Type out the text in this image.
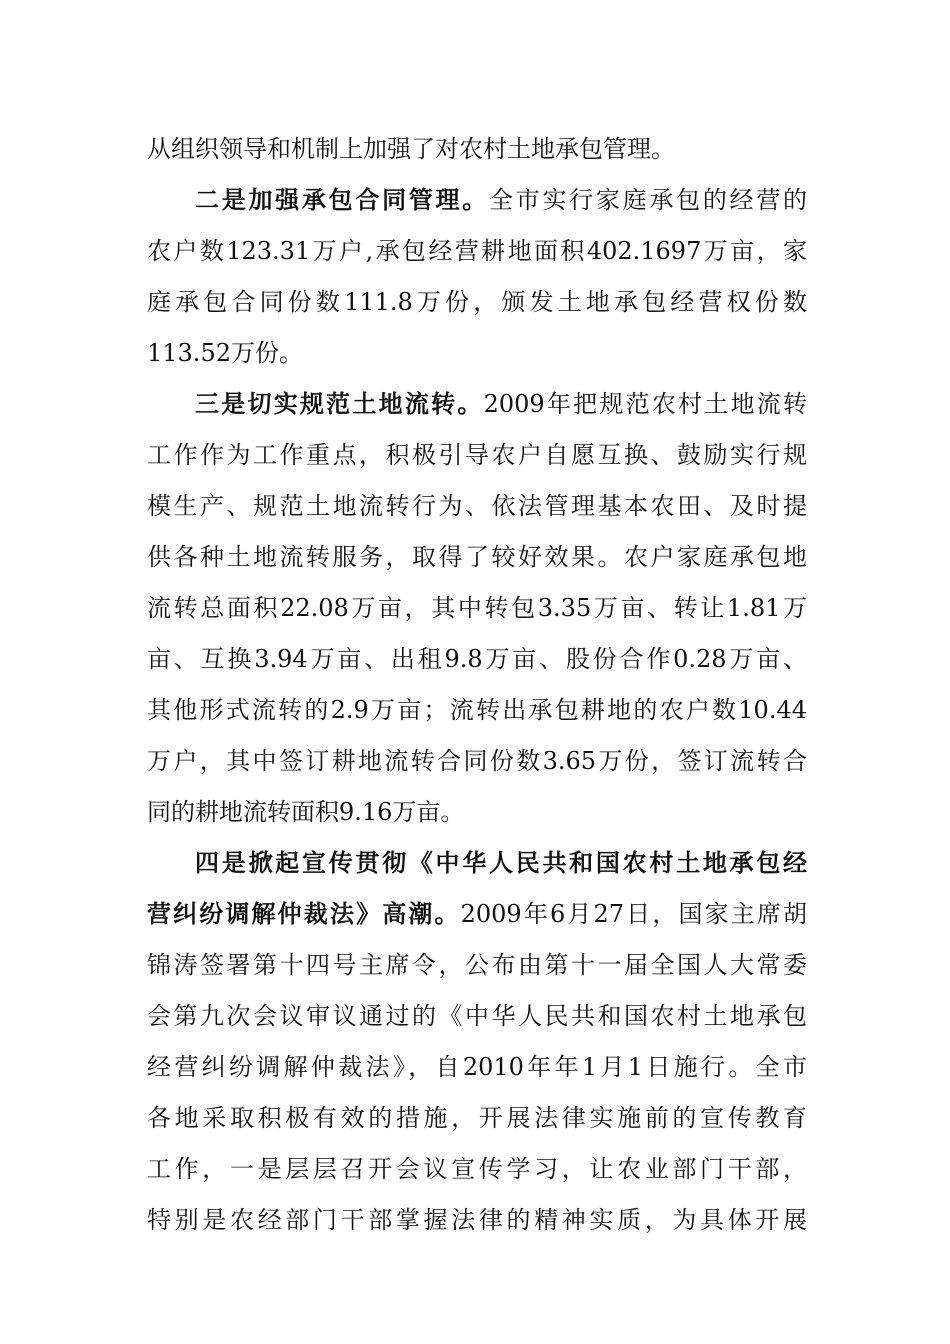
从组织领导和机制上加强了对农村土地承包管理。
二是加强承包合同管理。全市实行家庭承包的经营的
农户数123.31万户,承包经营耕地面积402.1697万亩，家
庭承包合同份数111.8万份，颁发土地承包经营权份数
113.52万份。
三是切实规范土地流转。2009年把规范农村土地流转
工作作为工作重点，积极引导农户自愿互换、鼓励实行规
模生产、规范土地流转行为、依法管理基本农田、及时提
供各种土地流转服务，取得了较好效果。农户家庭承包地
流转总面积22.08万亩，其中转包3.35万亩、转让1.81万
亩、互换3.94万亩、出租9.8万亩、股份合作0.28万亩、
其他形式流转的2.9万亩；流转出承包耕地的农户数10.44
万户，其中签订耕地流转合同份数3.65万份，签订流转合
同的耕地流转面积9.16万亩。
四是掀起宣传贯彻《中华人民共和国农村土地承包经
营纠纷调解仲裁法》高潮。2009年6月27日，国家主席胡
锦涛签署第十四号主席令，公布由第十一届全国人大常委
会第九次会议审议通过的《中华人民共和国农村土地承包
经营纠纷调解仲裁法》，自2010年年1月1日施行。全市
各地采取积极有效的措施，开展法律实施前的宣传教育
工作，一是层层召开会议宣传学习，让农业部门干部，
特别是农经部门干部掌握法律的精神实质，为具体开展
